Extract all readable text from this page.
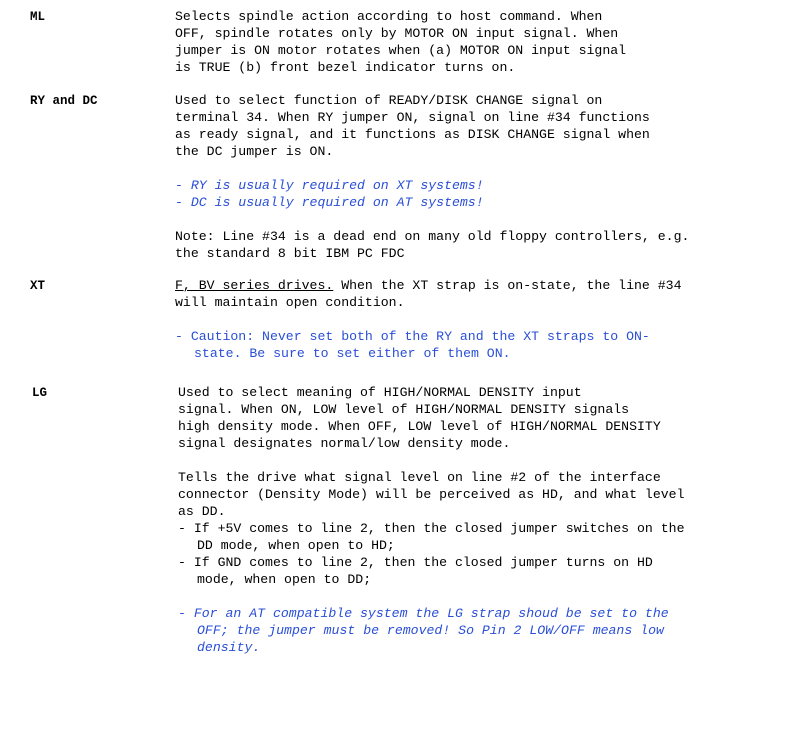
ML	Selects spindle action according to host command. When

OFF, spindle rotates only by MOTOR ON input signal. When

jumper is ON motor rotates when (a) MOTOR ON input signal

is TRUE (b) front bezel indicator turns on.

RY and DC	Used to select function of READY/DISK CHANGE signal on

terminal 34. When RY jumper ON, signal on line #34 functions

as ready signal, and it functions as DISK CHANGE signal when

the DC jumper is ON.

- RY is usually required on XT systems!

- DC is usually required on AT systems!

Note: Line #34 is a dead end on many old floppy controllers, e.g.

the standard 8 bit IBM PC FDC

XT	F, BV series drives. When the XT strap is on-state, the line #34

will maintain open condition.

- Caution: Never set both of the RY and the XT straps to ON-

state. Be sure to set either of them ON.

LG	Used to select meaning of HIGH/NORMAL DENSITY input

signal. When ON, LOW level of HIGH/NORMAL DENSITY signals

high density mode. When OFF, LOW level of HIGH/NORMAL DENSITY

signal designates normal/low density mode.

Tells the drive what signal level on line #2 of the interface

connector (Density Mode) will be perceived as HD, and what level

as DD.

- If +5V comes to line 2, then the closed jumper switches on the

DD mode, when open to HD;

- If GND comes to line 2, then the closed jumper turns on HD

mode, when open to DD;

- For an AT compatible system the LG strap shoud be set to the

OFF; the jumper must be removed! So Pin 2 LOW/OFF means low

density.
